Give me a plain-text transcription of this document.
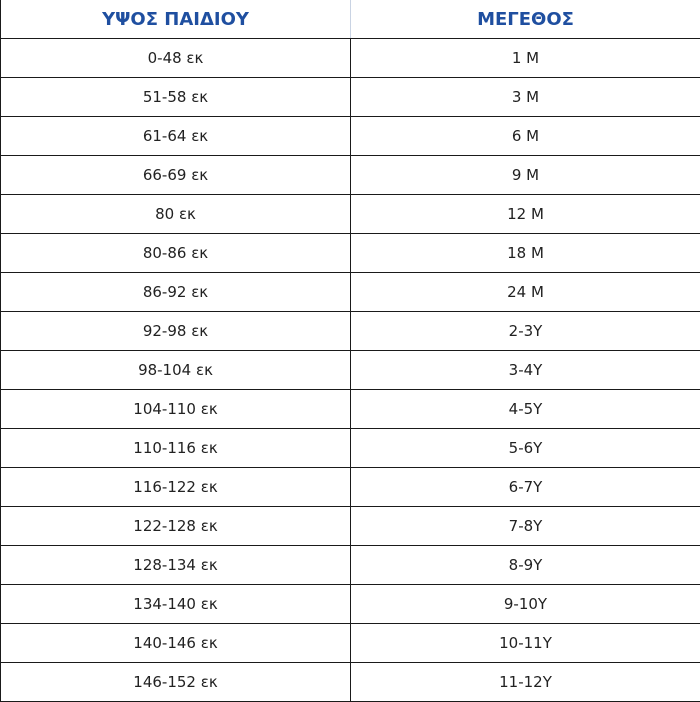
ΥΨΟΣ ΠΑΙΔΙΟΥ	ΜΕΓΕΘΟΣ
0-48 εκ	1 M
51-58 εκ	3 M
61-64 εκ	6 M
66-69 εκ	9 M
80 εκ	12 M
80-86 εκ	18 M
86-92 εκ	24 M
92-98 εκ	2-3Y
98-104 εκ	3-4Y
104-110 εκ	4-5Y
110-116 εκ	5-6Y
116-122 εκ	6-7Y
122-128 εκ	7-8Y
128-134 εκ	8-9Y
134-140 εκ	9-10Y
140-146 εκ	10-11Y
146-152 εκ	11-12Y
